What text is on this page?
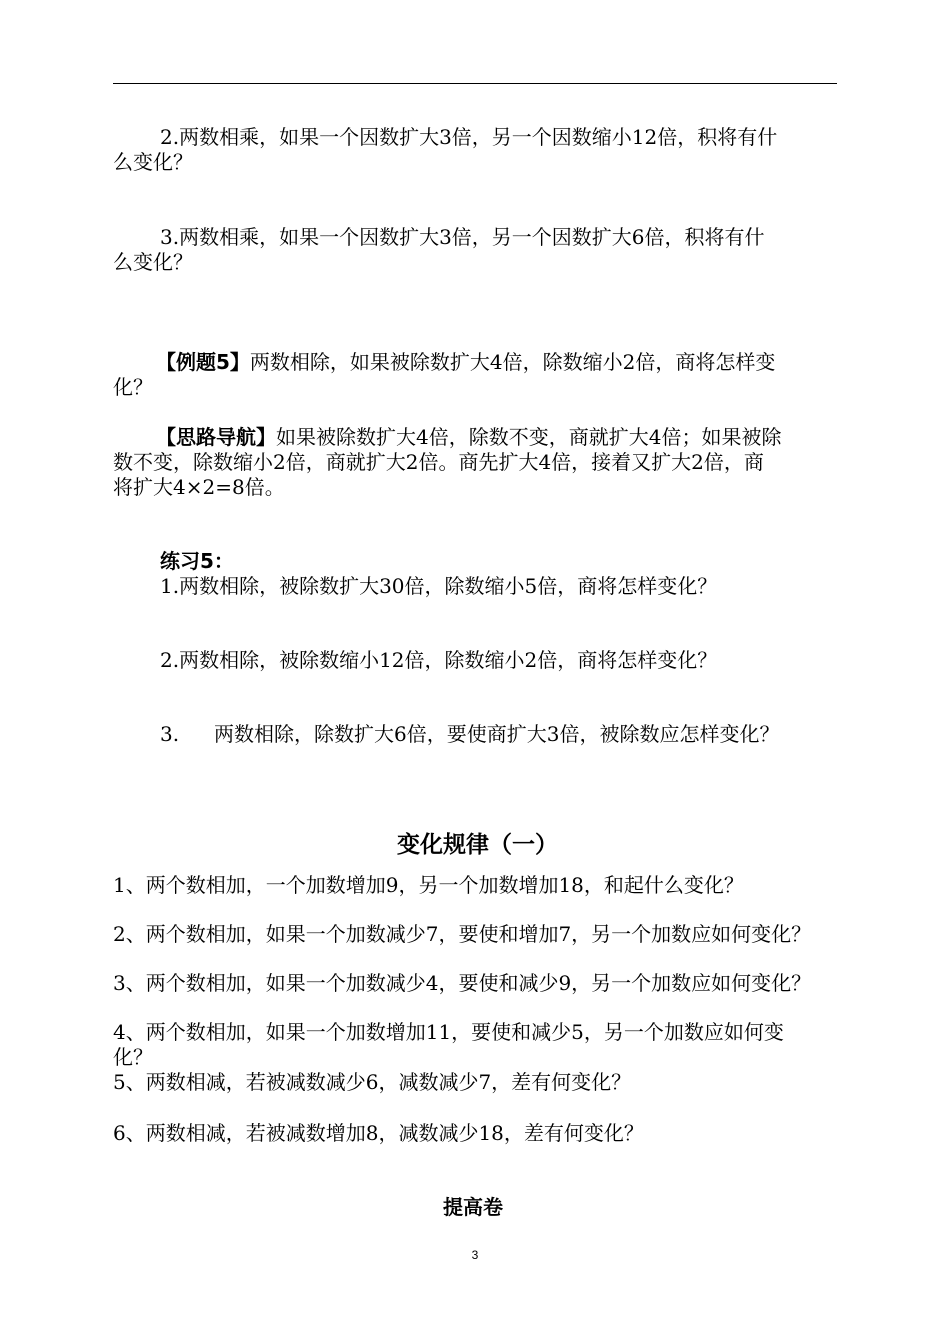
2.两数相乘，如果一个因数扩大3倍，另一个因数缩小12倍，积将有什
么变化？
3.两数相乘，如果一个因数扩大3倍，另一个因数扩大6倍，积将有什
么变化？
【例题5】两数相除，如果被除数扩大4倍，除数缩小2倍，商将怎样变
化？
【思路导航】如果被除数扩大4倍，除数不变，商就扩大4倍；如果被除
数不变，除数缩小2倍，商就扩大2倍。商先扩大4倍，接着又扩大2倍，商
将扩大4×2=8倍。
练习5：
1.两数相除，被除数扩大30倍，除数缩小5倍，商将怎样变化？
2.两数相除，被除数缩小12倍，除数缩小2倍，商将怎样变化？
3. 两数相除，除数扩大6倍，要使商扩大3倍，被除数应怎样变化？
变化规律（一）
1、两个数相加，一个加数增加9，另一个加数增加18，和起什么变化？
2、两个数相加，如果一个加数减少7，要使和增加7，另一个加数应如何变化？
3、两个数相加，如果一个加数减少4，要使和减少9，另一个加数应如何变化？
4、两个数相加，如果一个加数增加11，要使和减少5，另一个加数应如何变
化？
5、两数相减，若被减数减少6，减数减少7，差有何变化？
6、两数相减，若被减数增加8，减数减少18，差有何变化？
提高卷
3
